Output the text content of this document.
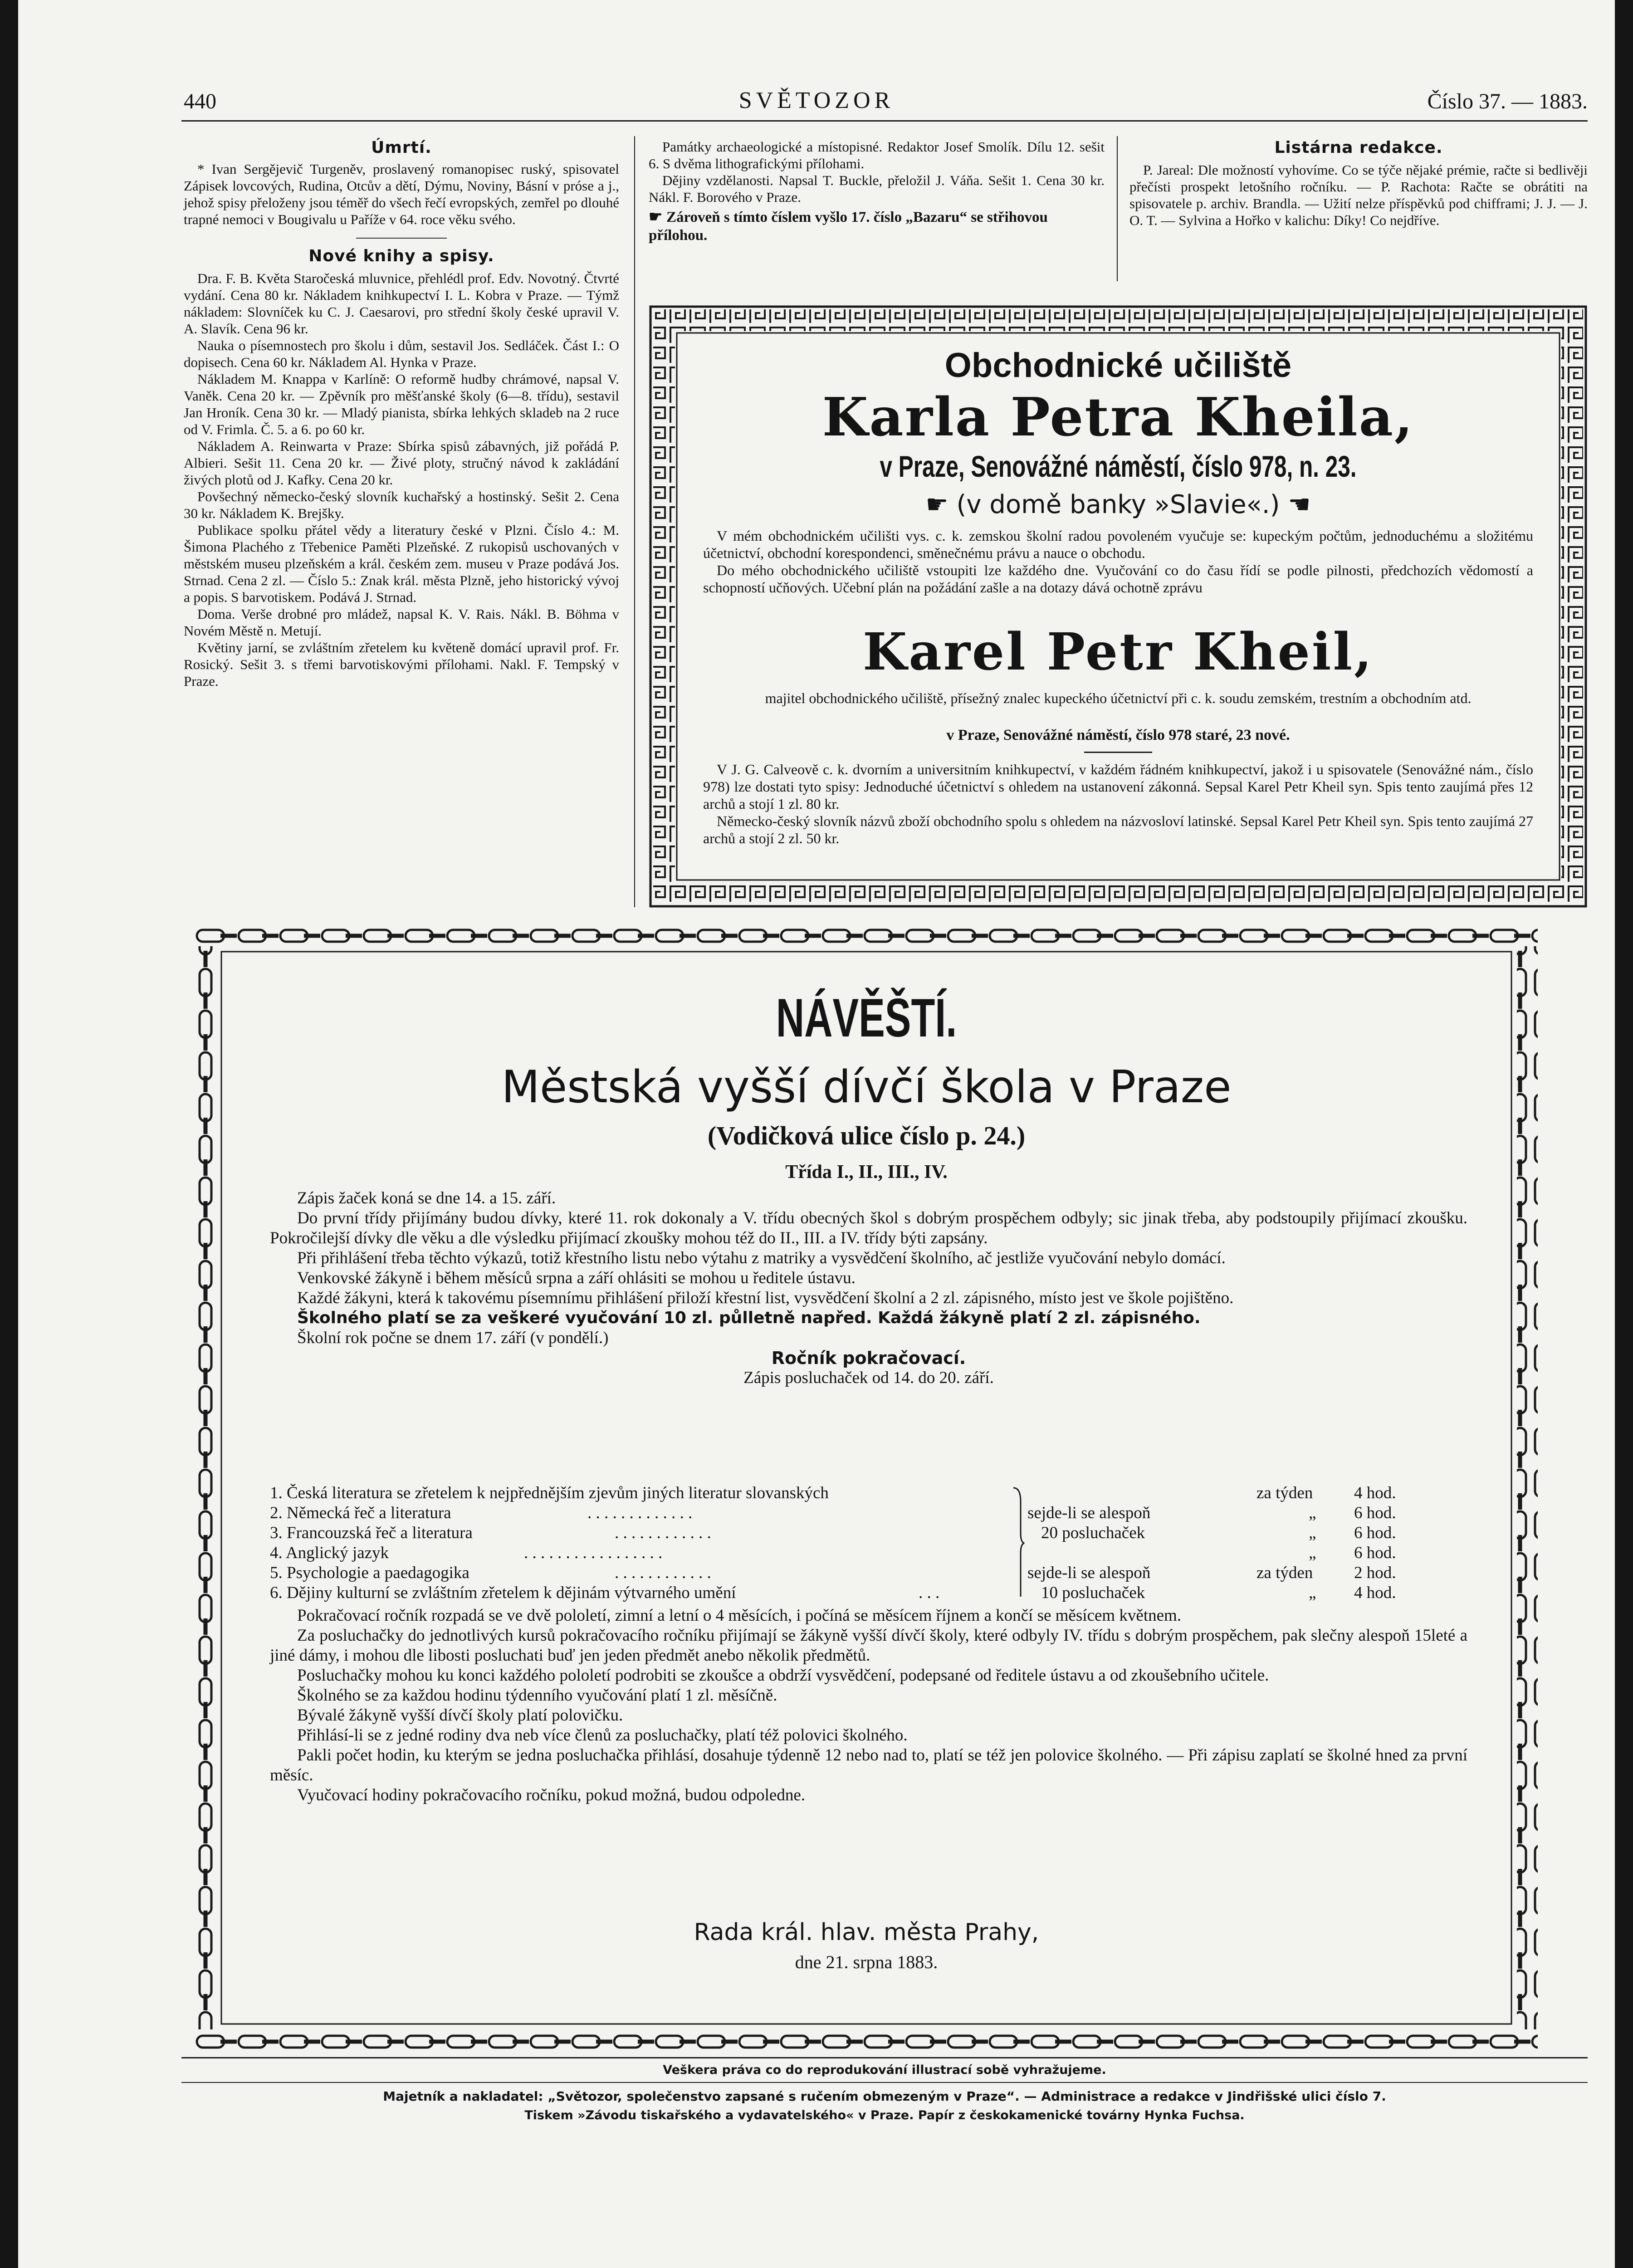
440	SVĚTOZOR	Číslo 37. — 1883.
Úmrtí.

* Ivan Sergějevič Turgeněv, proslavený romanopisec ruský, spisovatel Zápisek lovcových, Rudina, Otcův a dětí, Dýmu, Noviny, Básní v próse a j., jehož spisy přeloženy jsou téměř do všech řečí evropských, zemřel po dlouhé trapné nemoci v Bougivalu u Paříže v 64. roce věku svého.

Nové knihy a spisy.

Dra. F. B. Květa Staročeská mluvnice, přehlédl prof. Edv. Novotný. Čtvrté vydání. Cena 80 kr. Nákladem knihkupectví I. L. Kobra v Praze. — Týmž nákladem: Slovníček ku C. J. Caesarovi, pro střední školy české upravil V. A. Slavík. Cena 96 kr.

Nauka o písemnostech pro školu i dům, sestavil Jos. Sedláček. Část I.: O dopisech. Cena 60 kr. Nákladem Al. Hynka v Praze.

Nákladem M. Knappa v Karlíně: O reformě hudby chrámové, napsal V. Vaněk. Cena 20 kr. — Zpěvník pro měšťanské školy (6—8. třídu), sestavil Jan Hroník. Cena 30 kr. — Mladý pianista, sbírka lehkých skladeb na 2 ruce od V. Frimla. Č. 5. a 6. po 60 kr.

Nákladem A. Reinwarta v Praze: Sbírka spisů zábavných, již pořádá P. Albieri. Sešit 11. Cena 20 kr. — Živé ploty, stručný návod k zakládání živých plotů od J. Kafky. Cena 20 kr.

Povšechný německo-český slovník kuchařský a hostinský. Sešit 2. Cena 30 kr. Nákladem K. Brejšky.

Publikace spolku přátel vědy a literatury české v Plzni. Číslo 4.: M. Šimona Plachého z Třebenice Paměti Plzeňské. Z rukopisů uschovaných v městském museu plzeňském a král. českém zem. museu v Praze podává Jos. Strnad. Cena 2 zl. — Číslo 5.: Znak král. města Plzně, jeho historický vývoj a popis. S barvotiskem. Podává J. Strnad.

Doma. Verše drobné pro mládež, napsal K. V. Rais. Nákl. B. Böhma v Novém Městě n. Metují.

Květiny jarní, se zvláštním zřetelem ku květeně domácí upravil prof. Fr. Rosický. Sešit 3. s třemi barvotiskovými přílohami. Nakl. F. Tempský v Praze.

Památky archaeologické a místopisné. Redaktor Josef Smolík. Dílu 12. sešit 6. S dvěma lithografickými přílohami.

Dějiny vzdělanosti. Napsal T. Buckle, přeložil J. Váňa. Sešit 1. Cena 30 kr. Nákl. F. Borového v Praze.

☛ Zároveň s tímto číslem vyšlo 17. číslo „Bazaru“ se střihovou přílohou.
Listárna redakce.

P. Jareal: Dle možností vyhovíme. Co se týče nějaké prémie, račte si bedlivěji přečísti prospekt letošního ročníku. — P. Rachota: Račte se obrátiti na spisovatele p. archiv. Brandla. — Užití nelze příspěvků pod chifframi; J. J. — J. O. T. — Sylvina a Hořko v kalichu: Díky! Co nejdříve.

Obchodnické učiliště
Karla Petra Kheila,
v Praze, Senovážné náměstí, číslo 978, n. 23.
☛ (v domě banky »Slavie«.) ☚

V mém obchodnickém učilišti vys. c. k. zemskou školní radou povoleném vyučuje se: kupeckým počtům, jednoduchému a složitému účetnictví, obchodní korespondenci, směnečnému právu a nauce o obchodu.

Do mého obchodnického učiliště vstoupiti lze každého dne. Vyučování co do času řídí se podle pilnosti, předchozích vědomostí a schopností učňových. Učební plán na požádání zašle a na dotazy dává ochotně zprávu

Karel Petr Kheil,
majitel obchodnického učiliště, přísežný znalec kupeckého účetnictví při c. k. soudu zemském, trestním a obchodním atd.
v Praze, Senovážné náměstí, číslo 978 staré, 23 nové.

V J. G. Calveově c. k. dvorním a universitním knihkupectví, v každém řádném knihkupectví, jakož i u spisovatele (Senovážné nám., číslo 978) lze dostati tyto spisy: Jednoduché účetnictví s ohledem na ustanovení zákonná. Sepsal Karel Petr Kheil syn. Spis tento zaujímá přes 12 archů a stojí 1 zl. 80 kr.

Německo-český slovník názvů zboží obchodního spolu s ohledem na názvosloví latinské. Sepsal Karel Petr Kheil syn. Spis tento zaujímá 27 archů a stojí 2 zl. 50 kr.

NÁVĚŠTÍ.
Městská vyšší dívčí škola v Praze
(Vodičková ulice číslo p. 24.)
Třída I., II., III., IV.

Zápis žaček koná se dne 14. a 15. září.

Do první třídy přijímány budou dívky, které 11. rok dokonaly a V. třídu obecných škol s dobrým prospěchem odbyly; sic jinak třeba, aby podstoupily přijímací zkoušku. Pokročilejší dívky dle věku a dle výsledku přijímací zkoušky mohou též do II., III. a IV. třídy býti zapsány.

Při přihlášení třeba těchto výkazů, totiž křestního listu nebo výtahu z matriky a vysvědčení školního, ač jestliže vyučování nebylo domácí.

Venkovské žákyně i během měsíců srpna a září ohlásiti se mohou u ředitele ústavu.

Každé žákyni, která k takovému písemnímu přihlášení přiloží křestní list, vysvědčení školní a 2 zl. zápisného, místo jest ve škole pojištěno.

Školného platí se za veškeré vyučování 10 zl. půlletně napřed. Každá žákyně platí 2 zl. zápisného.

Školní rok počne se dnem 17. září (v pondělí.)

Ročník pokračovací.
Zápis posluchaček od 14. do 20. září.
1. Česká literatura se zřetelem k nejpřednějším zjevům jiných literatur slovanských	za týden 4 hod.
2. Německá řeč a literatura	. . . . . . . . . . . . .	sejde-li se alespoň	„ 6 hod.
3. Francouzská řeč a literatura	. . . . . . . . . . . .	20 posluchaček	„ 6 hod.
4. Anglický jazyk	. . . . . . . . . . . . . . . . .	„ 6 hod.
5. Psychologie a paedagogika	. . . . . . . . . . . .	sejde-li se alespoň	za týden 2 hod.
6. Dějiny kulturní se zvláštním zřetelem k dějinám výtvarného umění	. . .	10 posluchaček	„ 4 hod.

Pokračovací ročník rozpadá se ve dvě pololetí, zimní a letní o 4 měsících, i počíná se měsícem říjnem a končí se měsícem květnem.

Za posluchačky do jednotlivých kursů pokračovacího ročníku přijímají se žákyně vyšší dívčí školy, které odbyly IV. třídu s dobrým prospěchem, pak slečny alespoň 15leté a jiné dámy, i mohou dle libosti posluchati buď jen jeden předmět anebo několik předmětů.

Posluchačky mohou ku konci každého pololetí podrobiti se zkoušce a obdrží vysvědčení, podepsané od ředitele ústavu a od zkoušebního učitele.

Školného se za každou hodinu týdenního vyučování platí 1 zl. měsíčně.

Bývalé žákyně vyšší dívčí školy platí polovičku.

Přihlásí-li se z jedné rodiny dva neb více členů za posluchačky, platí též polovici školného.

Pakli počet hodin, ku kterým se jedna posluchačka přihlásí, dosahuje týdenně 12 nebo nad to, platí se též jen polovice školného. — Při zápisu zaplatí se školné hned za první měsíc.

Vyučovací hodiny pokračovacího ročníku, pokud možná, budou odpoledne.

Rada král. hlav. města Prahy,
dne 21. srpna 1883.
Veškera práva co do reprodukování illustrací sobě vyhražujeme.
Majetník a nakladatel: „Světozor, společenstvo zapsané s ručením obmezeným v Praze“. — Administrace a redakce v Jindřišské ulici číslo 7.
Tiskem »Závodu tiskařského a vydavatelského« v Praze. Papír z českokamenické továrny Hynka Fuchsa.
